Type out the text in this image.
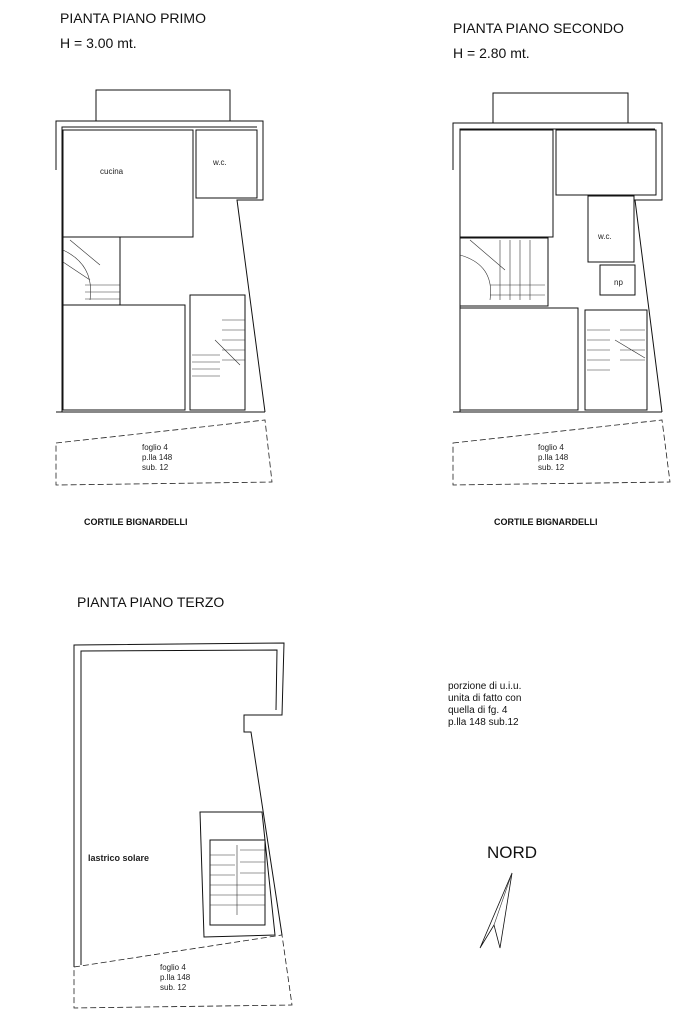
PIANTA PIANO PRIMO
H = 3.00 mt.
cucina
w.c.
foglio 4
p.lla 148
sub. 12
CORTILE BIGNARDELLI
PIANTA PIANO SECONDO
H = 2.80 mt.
w.c.
np
foglio 4
p.lla 148
sub. 12
CORTILE BIGNARDELLI
PIANTA PIANO TERZO
lastrico solare
foglio 4
p.lla 148
sub. 12
porzione di u.i.u.
unita di fatto con
quella di fg. 4
p.lla 148 sub.12
NORD
